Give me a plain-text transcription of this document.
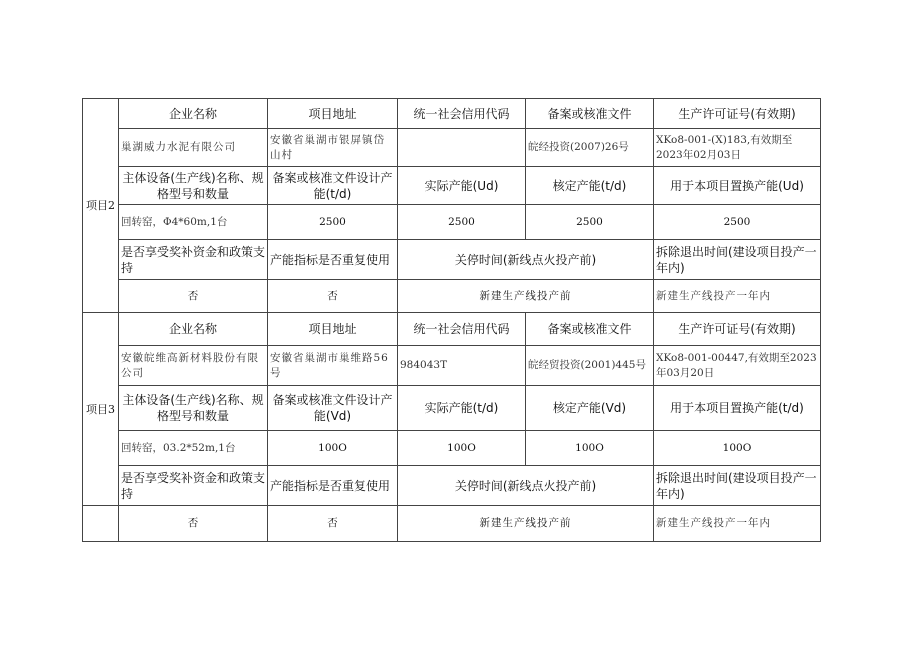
项目2	企业名称	项目地址	统一社会信用代码	备案或核准文件	生产许可证号(有效期)
	巢湖威力水泥有限公司	安徽省巢湖市银屏镇岱山村		皖经投资(2007)26号	XKo8-001-(X)183,有效期至2023年02月03日
	主体设备(生产线)名称、规格型号和数量	备案或核准文件设计产能(t/d)	实际产能(Ud)	核定产能(t/d)	用于本项目置换产能(Ud)
	回转窑，Φ4*60m,1台	2500	2500	2500	2500
	是否享受奖补资金和政策支持	产能指标是否重复使用	关停时间(新线点火投产前)		拆除退出时间(建设项目投产一年内)
	否	否	新建生产线投产前		新建生产线投产一年内
项目3	企业名称	项目地址	统一社会信用代码	备案或核准文件	生产许可证号(有效期)
	安徽皖维高新材料股份有限公司	安徽省巢湖市巢维路56号	984043T	皖经贸投资(2001)445号	XKo8-001-00447,有效期至2023年03月20日
	主体设备(生产线)名称、规格型号和数量	备案或核准文件设计产能(Vd)	实际产能(t/d)	核定产能(Vd)	用于本项目置换产能(t/d)
	回转窑，03.2*52m,1台	100O	100O	100O	100O
	是否享受奖补资金和政策支持	产能指标是否重复使用	关停时间(新线点火投产前)		拆除退出时间(建设项目投产一年内)
	否	否	新建生产线投产前		新建生产线投产一年内
